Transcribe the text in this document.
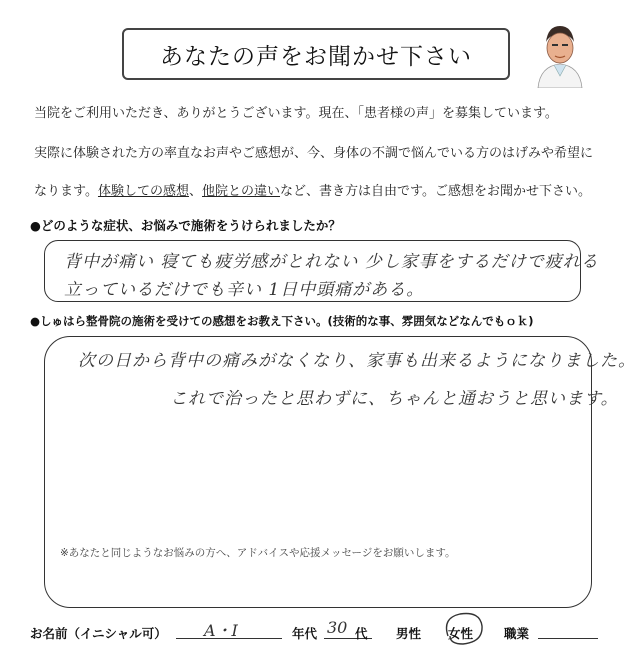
あなたの声をお聞かせ下さい
当院をご利用いただき、ありがとうございます。現在、「患者様の声」を募集しています。
実際に体験された方の率直なお声やご感想が、今、身体の不調で悩んでいる方のはげみや希望に
なります。体験しての感想、他院との違いなど、書き方は自由です。ご感想をお聞かせ下さい。
●どのような症状、お悩みで施術をうけられましたか？
背中が痛い 寝ても疲労感がとれない 少し家事をするだけで疲れる
立っているだけでも辛い 1日中頭痛がある。
●しゅはら整骨院の施術を受けての感想をお教え下さい。(技術的な事、雰囲気などなんでもｏｋ)
次の日から背中の痛みがなくなり、家事も出来るようになりました。
これで治ったと思わずに、ちゃんと通おうと思います。
※あなたと同じようなお悩みの方へ、アドバイスや応援メッセージをお願いします。
お名前（イニシャル可） A・I	年代 30 代 男性 女性 職業
